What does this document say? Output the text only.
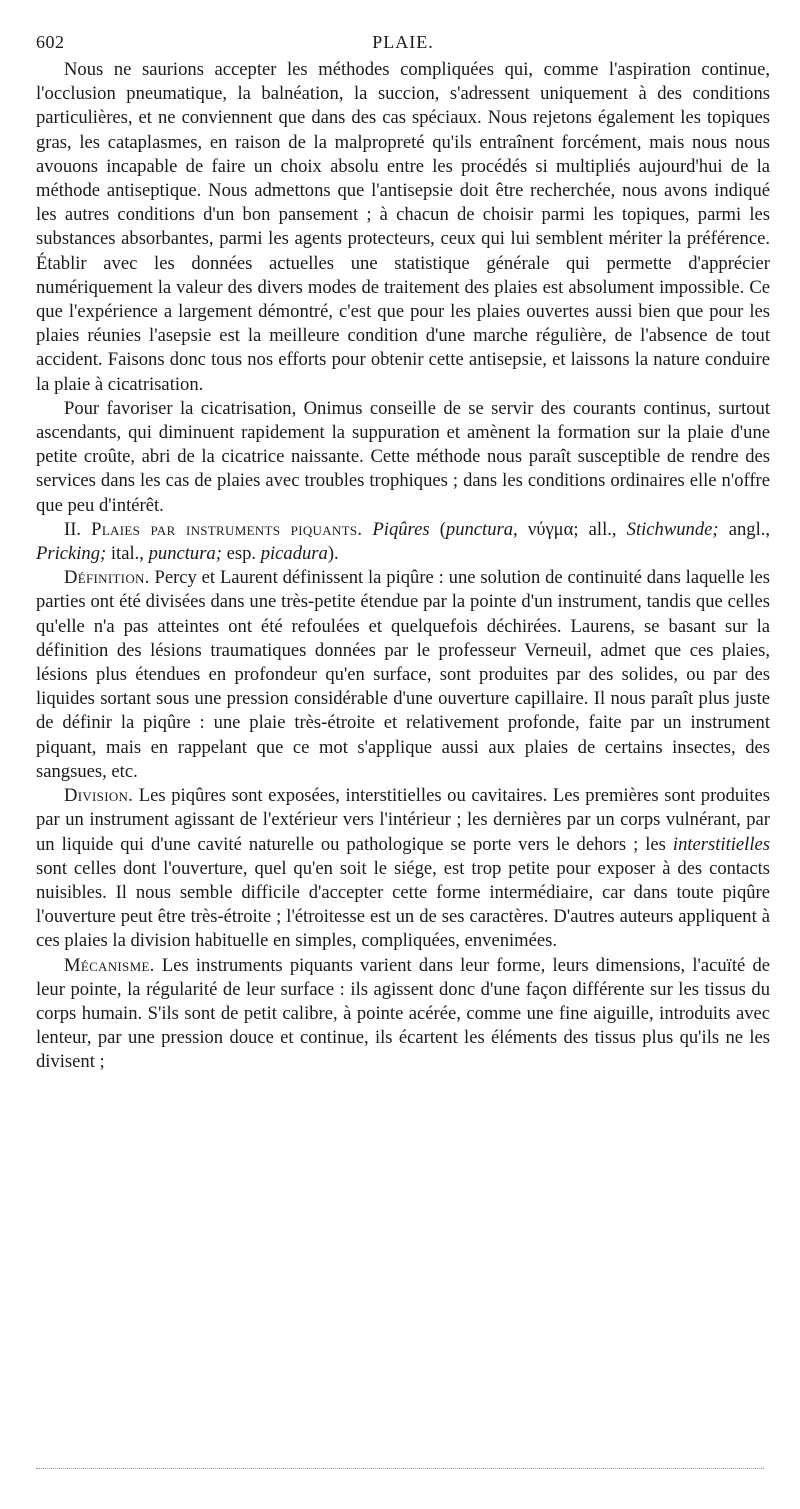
602	PLAIE.

Nous ne saurions accepter les méthodes compliquées qui, comme l'aspiration continue, l'occlusion pneumatique, la balnéation, la succion, s'adressent uniquement à des conditions particulières, et ne conviennent que dans des cas spéciaux. Nous rejetons également les topiques gras, les cataplasmes, en raison de la malpropreté qu'ils entraînent forcément, mais nous nous avouons incapable de faire un choix absolu entre les procédés si multipliés aujourd'hui de la méthode antiseptique. Nous admettons que l'antisepsie doit être recherchée, nous avons indiqué les autres conditions d'un bon pansement ; à chacun de choisir parmi les topiques, parmi les substances absorbantes, parmi les agents protecteurs, ceux qui lui semblent mériter la préférence. Établir avec les données actuelles une statistique générale qui permette d'apprécier numériquement la valeur des divers modes de traitement des plaies est absolument impossible. Ce que l'expérience a largement démontré, c'est que pour les plaies ouvertes aussi bien que pour les plaies réunies l'asepsie est la meilleure condition d'une marche régulière, de l'absence de tout accident. Faisons donc tous nos efforts pour obtenir cette antisepsie, et laissons la nature conduire la plaie à cicatrisation.

Pour favoriser la cicatrisation, Onimus conseille de se servir des courants continus, surtout ascendants, qui diminuent rapidement la suppuration et amènent la formation sur la plaie d'une petite croûte, abri de la cicatrice naissante. Cette méthode nous paraît susceptible de rendre des services dans les cas de plaies avec troubles trophiques ; dans les conditions ordinaires elle n'offre que peu d'intérêt.

II. Plaies par instruments piquants. Piqûres (punctura, νύγμα; all., Stichwunde; angl., Pricking; ital., punctura; esp. picadura).

Définition. Percy et Laurent définissent la piqûre : une solution de continuité dans laquelle les parties ont été divisées dans une très-petite étendue par la pointe d'un instrument, tandis que celles qu'elle n'a pas atteintes ont été refoulées et quelquefois déchirées. Laurens, se basant sur la définition des lésions traumatiques données par le professeur Verneuil, admet que ces plaies, lésions plus étendues en profondeur qu'en surface, sont produites par des solides, ou par des liquides sortant sous une pression considérable d'une ouverture capillaire. Il nous paraît plus juste de définir la piqûre : une plaie très-étroite et relativement profonde, faite par un instrument piquant, mais en rappelant que ce mot s'applique aussi aux plaies de certains insectes, des sangsues, etc.

Division. Les piqûres sont exposées, interstitielles ou cavitaires. Les premières sont produites par un instrument agissant de l'extérieur vers l'intérieur ; les dernières par un corps vulnérant, par un liquide qui d'une cavité naturelle ou pathologique se porte vers le dehors ; les interstitielles sont celles dont l'ouverture, quel qu'en soit le siége, est trop petite pour exposer à des contacts nuisibles. Il nous semble difficile d'accepter cette forme intermédiaire, car dans toute piqûre l'ouverture peut être très-étroite ; l'étroitesse est un de ses caractères. D'autres auteurs appliquent à ces plaies la division habituelle en simples, compliquées, envenimées.

Mécanisme. Les instruments piquants varient dans leur forme, leurs dimensions, l'acuïté de leur pointe, la régularité de leur surface : ils agissent donc d'une façon différente sur les tissus du corps humain. S'ils sont de petit calibre, à pointe acérée, comme une fine aiguille, introduits avec lenteur, par une pression douce et continue, ils écartent les éléments des tissus plus qu'ils ne les divisent ;
